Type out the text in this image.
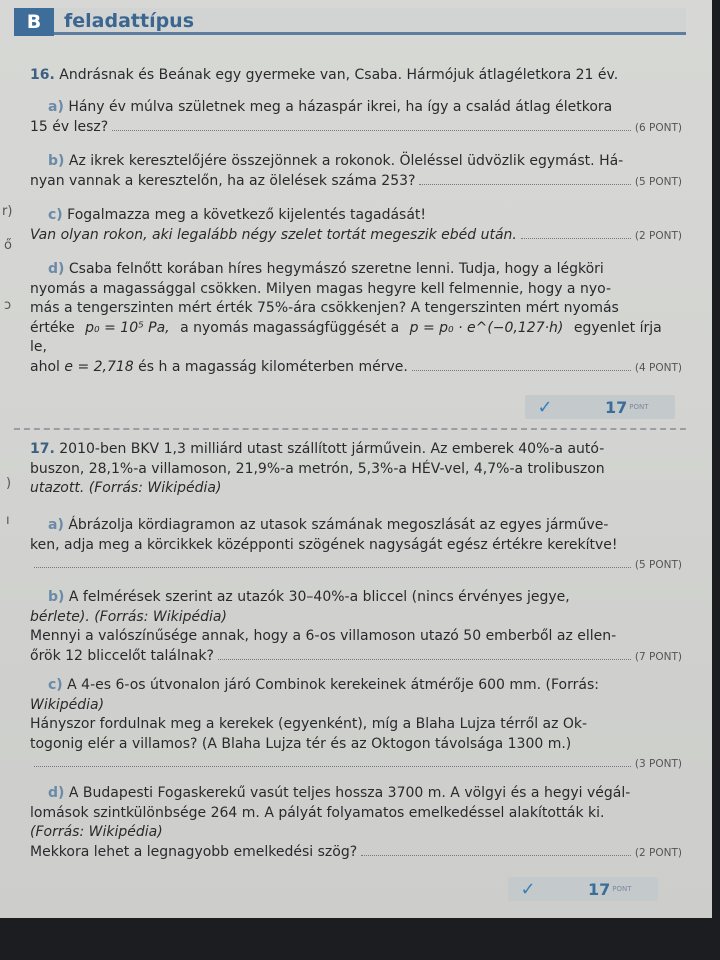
B	feladattípus
r)
ő
ↄ
)
ı

16. Andrásnak és Beának egy gyermeke van, Csaba. Hármójuk átlagéletkora 21 év.

a) Hány év múlva születnek meg a házaspár ikrei, ha így a család átlag életkora

15 év lesz?	(6 PONT)

b) Az ikrek keresztelőjére összejönnek a rokonok. Öleléssel üdvözlik egymást. Há-

nyan vannak a keresztelőn, ha az ölelések száma 253?	(5 PONT)

c) Fogalmazza meg a következő kijelentés tagadását!

Van olyan rokon, aki legalább négy szelet tortát megeszik ebéd után.	(2 PONT)

d) Csaba felnőtt korában híres hegymászó szeretne lenni. Tudja, hogy a légköri

nyomás a magassággal csökken. Milyen magas hegyre kell felmennie, hogy a nyo-

más a tengerszinten mért érték 75%-ára csökkenjen? A tengerszinten mért nyomás

értéke p₀ = 10⁵ Pa, a nyomás magasságfüggését a p = p₀ · e^(−0,127·h) egyenlet írja le,

ahol
e = 2,718
és h a magasság kilométerben mérve.	(4 PONT)
✓	17 PONT

17. 2010-ben BKV 1,3 milliárd utast szállított járművein. Az emberek 40%-a autó-

buszon, 28,1%-a villamoson, 21,9%-a metrón, 5,3%-a HÉV-vel, 4,7%-a trolibuszon

utazott. (Forrás: Wikipédia)

a) Ábrázolja kördiagramon az utasok számának megoszlását az egyes járműve-

ken, adja meg a körcikkek középponti szögének nagyságát egész értékre kerekítve!

(5 PONT)

b) A felmérések szerint az utazók 30–40%-a bliccel (nincs érvényes jegye,

bérlete). (Forrás: Wikipédia)

Mennyi a valószínűsége annak, hogy a 6-os villamoson utazó 50 emberből az ellen-

őrök 12 bliccelőt találnak?	(7 PONT)

c) A 4-es 6-os útvonalon járó Combinok kerekeinek átmérője 600 mm. (Forrás:

Wikipédia)

Hányszor fordulnak meg a kerekek (egyenként), míg a Blaha Lujza térről az Ok-

togonig elér a villamos? (A Blaha Lujza tér és az Oktogon távolsága 1300 m.)

(3 PONT)

d) A Budapesti Fogaskerekű vasút teljes hossza 3700 m. A völgyi és a hegyi végál-

lomások szintkülönbsége 264 m. A pályát folyamatos emelkedéssel alakították ki.

(Forrás: Wikipédia)

Mekkora lehet a legnagyobb emelkedési szög?	(2 PONT)
✓	17 PONT
